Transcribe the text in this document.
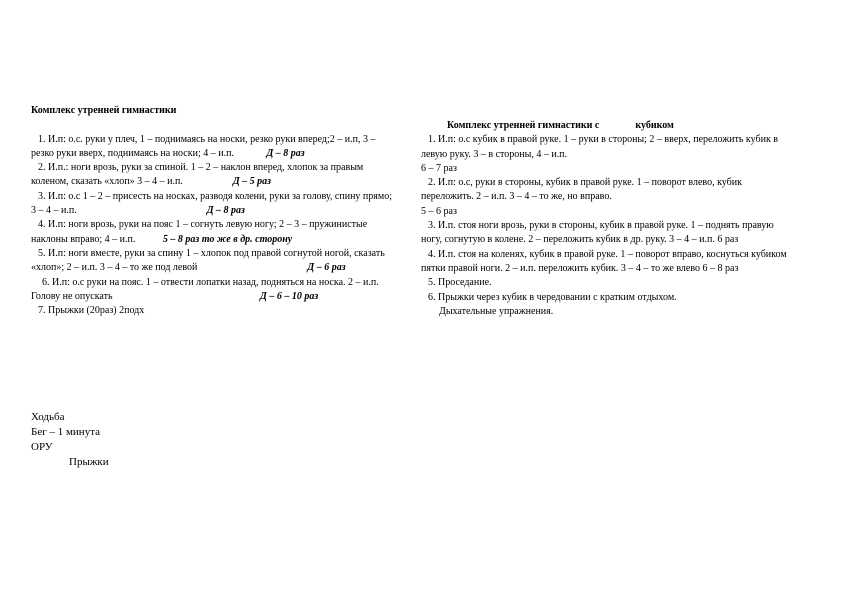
Комплекс утренней гимнастики

1. И.п: о.с. руки у плеч, 1 – поднимаясь на носки, резко руки вперед;2 – и.п, 3 – резко руки вверх, поднимаясь на носки; 4 – и.п.	Д – 8 раз

2. И.п.: ноги врозь, руки за спиной. 1 – 2 – наклон вперед, хлопок за правым коленом, сказать «хлоп» 3 – 4 – и.п.	Д – 5 раз

3. И.п: о.с 1 – 2 – присесть на носках, разводя колени, руки за голову, спину прямо; 3 – 4 – и.п.	Д – 8 раз

4. И.п: ноги врозь, руки на пояс 1 – согнуть левую ногу; 2 – 3 – пружинистые наклоны вправо; 4 – и.п.	5 – 8 раз то же в др. сторону

5. И.п: ноги вместе, руки за спину 1 – хлопок под правой согнутой ногой, сказать «хлоп»; 2 – и.п. 3 – 4 – то же под левой	Д – 6 раз

6. И.п: о.с руки на пояс. 1 – отвести лопатки назад, подняться на носка. 2 – и.п. Голову не опускать	Д – 6 – 10 раз

7. Прыжки (20раз) 2подх

Ходьба
Бег – 1 минута
ОРУ
Прыжки
Комплекс утренней гимнастики с	кубиком

1. И.п: о.с кубик в правой руке. 1 – руки в стороны; 2 – вверх, переложить кубик в левую руку. 3 – в стороны, 4 – и.п.

6 – 7 раз

2. И.п: о.с, руки в стороны, кубик в правой руке. 1 – поворот влево, кубик переложить. 2 – и.п. 3 – 4 – то же, но вправо.

5 – 6 раз

3. И.п. стоя ноги врозь, руки в стороны, кубик в правой руке. 1 – поднять правую ногу, согнутую в колене. 2 – переложить кубик в др. руку. 3 – 4 – и.п. 6 раз

4. И.п. стоя на коленях, кубик в правой руке. 1 – поворот вправо, коснуться кубиком пятки правой ноги. 2 – и.п. переложить кубик. 3 – 4 – то же влево 6 – 8 раз

5. Проседание.

6. Прыжки через кубик в чередовании с кратким отдыхом.

Дыхательные упражнения.
